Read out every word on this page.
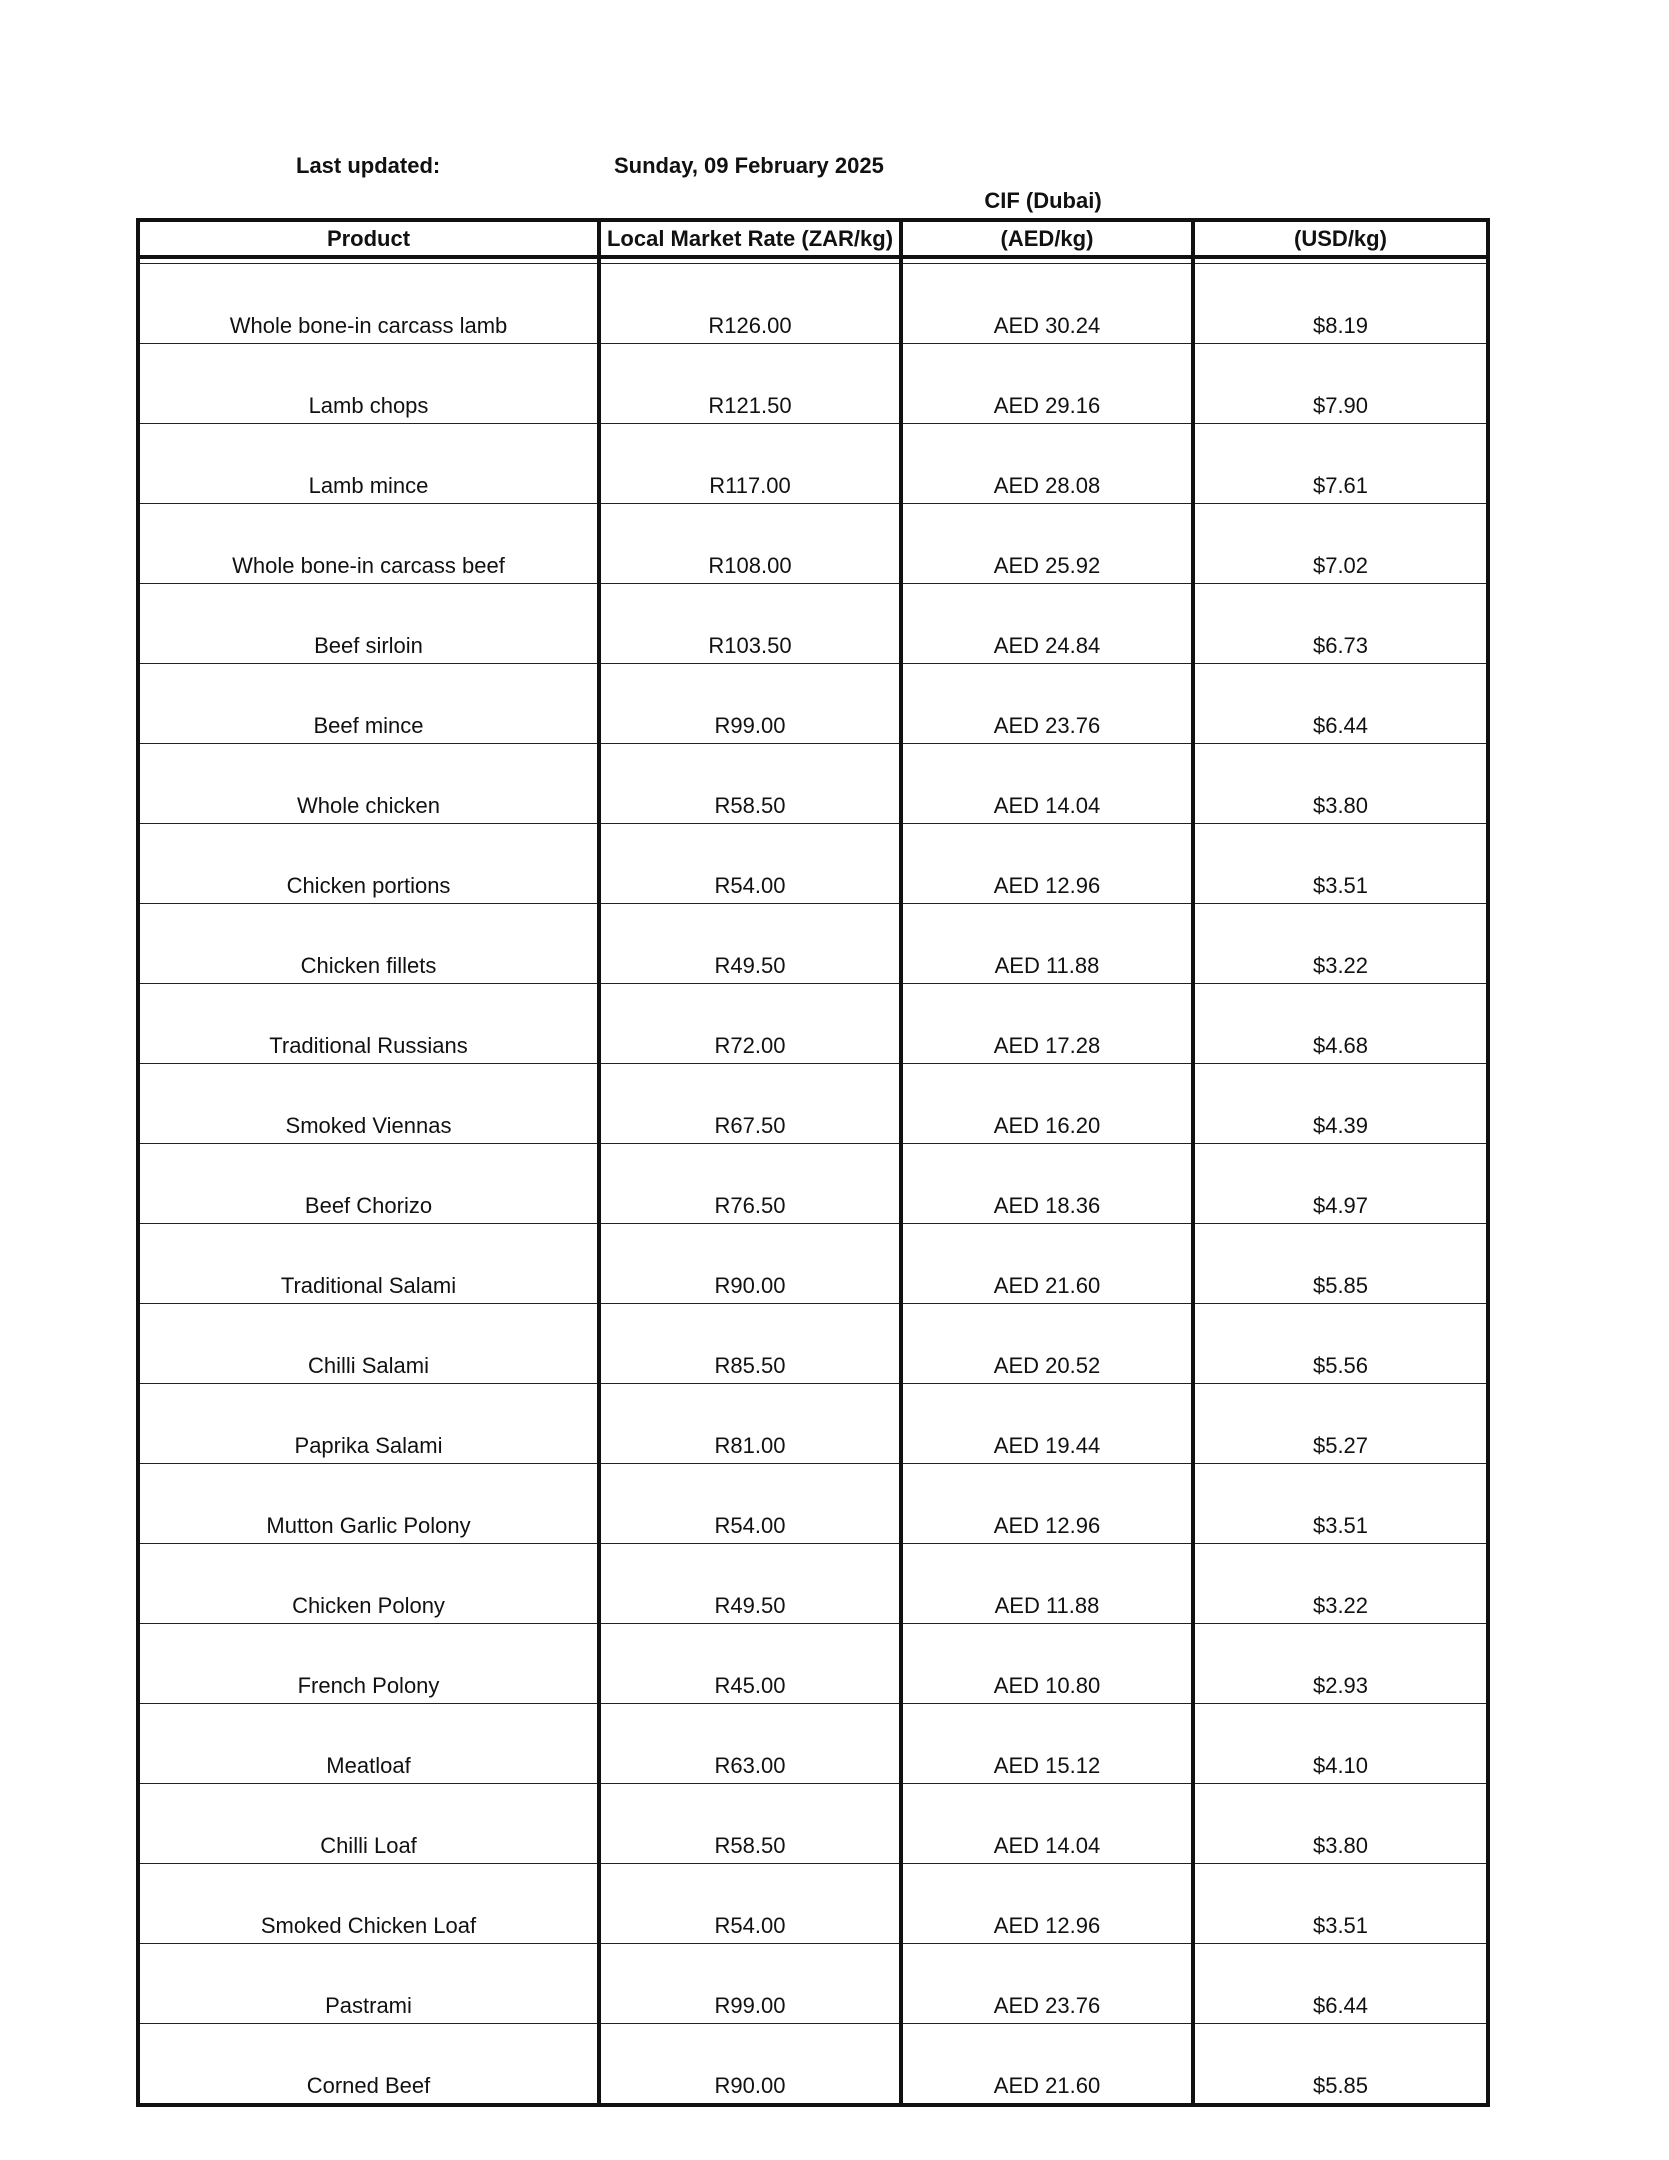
Last updated:	Sunday, 09 February 2025
CIF (Dubai)
Product	Local Market Rate (ZAR/kg)	(AED/kg)	(USD/kg)

Whole bone-in carcass lamb	R126.00	AED 30.24	$8.19
Lamb chops	R121.50	AED 29.16	$7.90
Lamb mince	R117.00	AED 28.08	$7.61
Whole bone-in carcass beef	R108.00	AED 25.92	$7.02
Beef sirloin	R103.50	AED 24.84	$6.73
Beef mince	R99.00	AED 23.76	$6.44
Whole chicken	R58.50	AED 14.04	$3.80
Chicken portions	R54.00	AED 12.96	$3.51
Chicken fillets	R49.50	AED 11.88	$3.22
Traditional Russians	R72.00	AED 17.28	$4.68
Smoked Viennas	R67.50	AED 16.20	$4.39
Beef Chorizo	R76.50	AED 18.36	$4.97
Traditional Salami	R90.00	AED 21.60	$5.85
Chilli Salami	R85.50	AED 20.52	$5.56
Paprika Salami	R81.00	AED 19.44	$5.27
Mutton Garlic Polony	R54.00	AED 12.96	$3.51
Chicken Polony	R49.50	AED 11.88	$3.22
French Polony	R45.00	AED 10.80	$2.93
Meatloaf	R63.00	AED 15.12	$4.10
Chilli Loaf	R58.50	AED 14.04	$3.80
Smoked Chicken Loaf	R54.00	AED 12.96	$3.51
Pastrami	R99.00	AED 23.76	$6.44
Corned Beef	R90.00	AED 21.60	$5.85
